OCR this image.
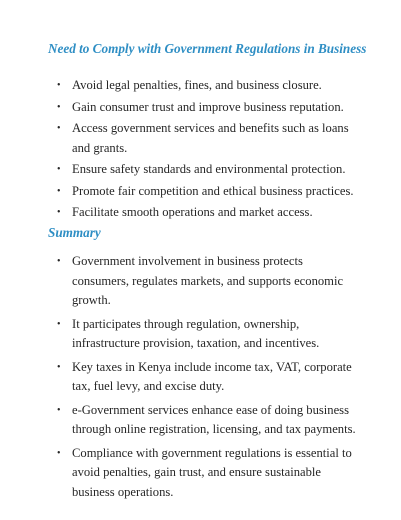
Need to Comply with Government Regulations in Business
• Avoid legal penalties, fines, and business closure.
• Gain consumer trust and improve business reputation.
• Access government services and benefits such as loans and grants.
• Ensure safety standards and environmental protection.
• Promote fair competition and ethical business practices.
• Facilitate smooth operations and market access.
Summary
• Government involvement in business protects consumers, regulates markets, and supports economic growth.
• It participates through regulation, ownership, infrastructure provision, taxation, and incentives.
• Key taxes in Kenya include income tax, VAT, corporate tax, fuel levy, and excise duty.
• e-Government services enhance ease of doing business through online registration, licensing, and tax payments.
• Compliance with government regulations is essential to avoid penalties, gain trust, and ensure sustainable business operations.
